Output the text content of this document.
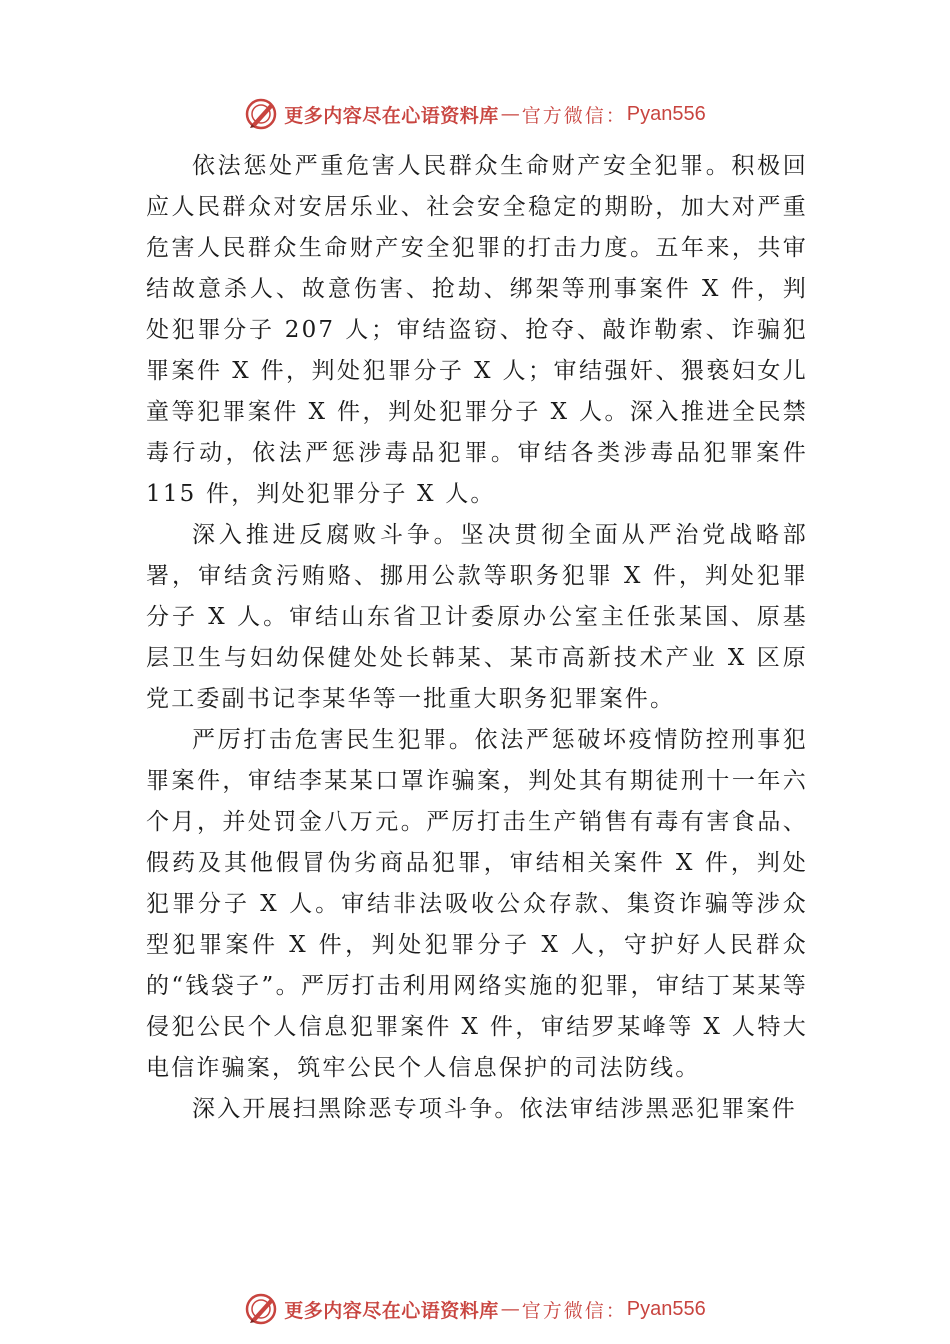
更多内容尽在心语资料库 — 官方微信： Pyan556

依法惩处严重危害人民群众生命财产安全犯罪。积极回应人民群众对安居乐业、社会安全稳定的期盼，加大对严重危害人民群众生命财产安全犯罪的打击力度。五年来，共审结故意杀人、故意伤害、抢劫、绑架等刑事案件 X 件，判处犯罪分子 207 人；审结盗窃、抢夺、敲诈勒索、诈骗犯罪案件 X 件，判处犯罪分子 X 人；审结强奸、猥亵妇女儿童等犯罪案件 X 件，判处犯罪分子 X 人。深入推进全民禁毒行动，依法严惩涉毒品犯罪。审结各类涉毒品犯罪案件 115 件，判处犯罪分子 X 人。

深入推进反腐败斗争。坚决贯彻全面从严治党战略部署，审结贪污贿赂、挪用公款等职务犯罪 X 件，判处犯罪分子 X 人。审结山东省卫计委原办公室主任张某国、原基层卫生与妇幼保健处处长韩某、某市高新技术产业 X 区原党工委副书记李某华等一批重大职务犯罪案件。

严厉打击危害民生犯罪。依法严惩破坏疫情防控刑事犯罪案件，审结李某某口罩诈骗案，判处其有期徒刑十一年六个月，并处罚金八万元。严厉打击生产销售有毒有害食品、假药及其他假冒伪劣商品犯罪，审结相关案件 X 件，判处犯罪分子 X 人。审结非法吸收公众存款、集资诈骗等涉众型犯罪案件 X 件，判处犯罪分子 X 人，守护好人民群众的“钱袋子”。严厉打击利用网络实施的犯罪，审结丁某某等侵犯公民个人信息犯罪案件 X 件，审结罗某峰等 X 人特大电信诈骗案，筑牢公民个人信息保护的司法防线。

深入开展扫黑除恶专项斗争。依法审结涉黑恶犯罪案件

更多内容尽在心语资料库 — 官方微信： Pyan556
